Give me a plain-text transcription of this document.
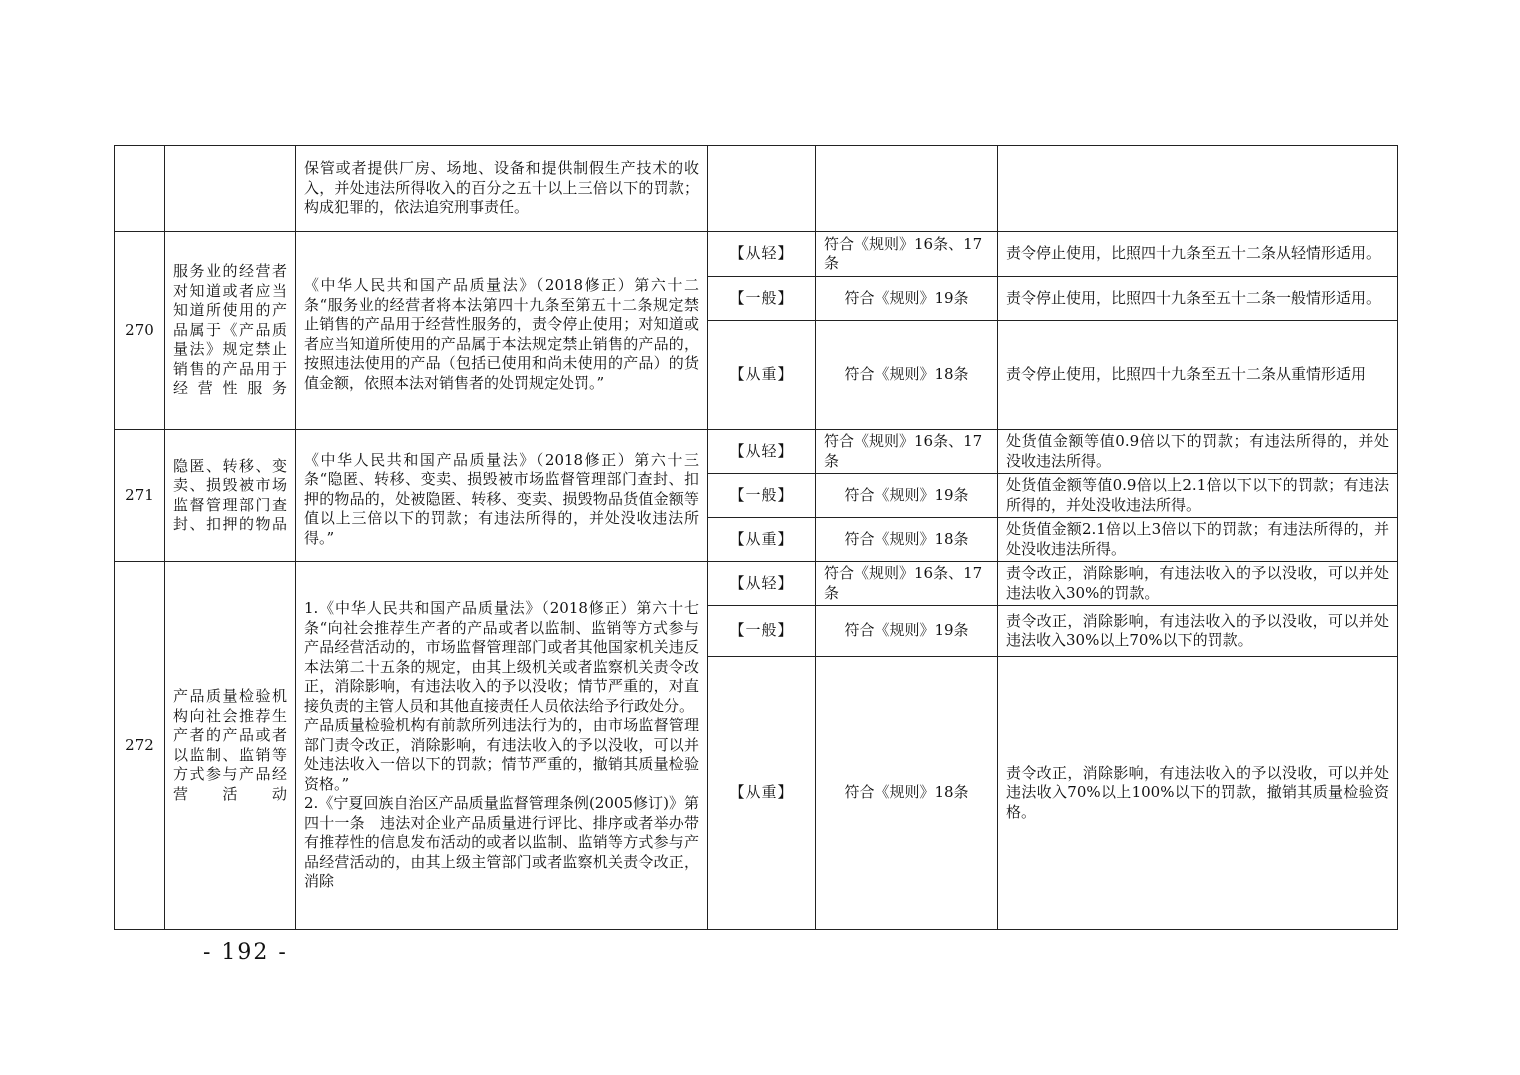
		保管或者提供厂房、场地、设备和提供制假生产技术的收入，并处违法所得收入的百分之五十以上三倍以下的罚款；构成犯罪的，依法追究刑事责任。			
270	服务业的经营者对知道或者应当知道所使用的产品属于《产品质量法》规定禁止销售的产品用于经营性服务	《中华人民共和国产品质量法》（2018修正）第六十二条“服务业的经营者将本法第四十九条至第五十二条规定禁止销售的产品用于经营性服务的，责令停止使用；对知道或者应当知道所使用的产品属于本法规定禁止销售的产品的，按照违法使用的产品（包括已使用和尚未使用的产品）的货值金额，依照本法对销售者的处罚规定处罚。”	【从轻】	符合《规则》16条、17条	责令停止使用，比照四十九条至五十二条从轻情形适用。
			【一般】	符合《规则》19条	责令停止使用，比照四十九条至五十二条一般情形适用。
			【从重】	符合《规则》18条	责令停止使用，比照四十九条至五十二条从重情形适用
271	隐匿、转移、变卖、损毁被市场监督管理部门查封、扣押的物品	《中华人民共和国产品质量法》（2018修正）第六十三条“隐匿、转移、变卖、损毁被市场监督管理部门查封、扣押的物品的，处被隐匿、转移、变卖、损毁物品货值金额等值以上三倍以下的罚款；有违法所得的，并处没收违法所得。”	【从轻】	符合《规则》16条、17条	处货值金额等值0.9倍以下的罚款；有违法所得的，并处没收违法所得。
			【一般】	符合《规则》19条	处货值金额等值0.9倍以上2.1倍以下以下的罚款；有违法所得的，并处没收违法所得。
			【从重】	符合《规则》18条	处货值金额2.1倍以上3倍以下的罚款；有违法所得的，并处没收违法所得。
272	产品质量检验机构向社会推荐生产者的产品或者以监制、监销等方式参与产品经营活动	1.《中华人民共和国产品质量法》（2018修正）第六十七条“向社会推荐生产者的产品或者以监制、监销等方式参与产品经营活动的，市场监督管理部门或者其他国家机关违反本法第二十五条的规定，由其上级机关或者监察机关责令改正，消除影响，有违法收入的予以没收；情节严重的，对直接负责的主管人员和其他直接责任人员依法给予行政处分。
产品质量检验机构有前款所列违法行为的，由市场监督管理部门责令改正，消除影响，有违法收入的予以没收，可以并处违法收入一倍以下的罚款；情节严重的，撤销其质量检验资格。”
2.《宁夏回族自治区产品质量监督管理条例(2005修订)》第四十一条　违法对企业产品质量进行评比、排序或者举办带有推荐性的信息发布活动的或者以监制、监销等方式参与产品经营活动的，由其上级主管部门或者监察机关责令改正，消除	【从轻】	符合《规则》16条、17条	责令改正，消除影响，有违法收入的予以没收，可以并处违法收入30%的罚款。
			【一般】	符合《规则》19条	责令改正，消除影响，有违法收入的予以没收，可以并处违法收入30%以上70%以下的罚款。
			【从重】	符合《规则》18条	责令改正，消除影响，有违法收入的予以没收，可以并处违法收入70%以上100%以下的罚款，撤销其质量检验资格。
- 192 -
